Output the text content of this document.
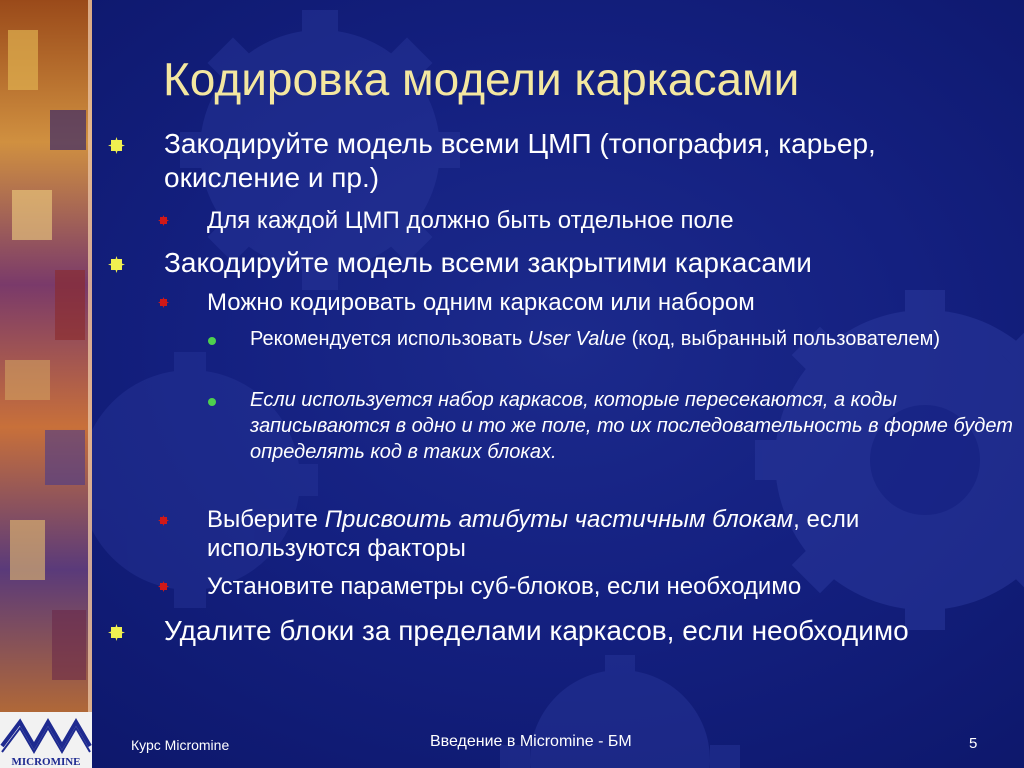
MICROMINE
Кодировка модели каркасами
Закодируйте модель всеми ЦМП (топография, карьер, окисление и пр.)
Для каждой ЦМП должно быть отдельное поле
Закодируйте модель всеми закрытими каркасами
Можно кодировать одним каркасом или набором
Рекомендуется использовать User Value (код, выбранный пользователем)
Если используется набор каркасов, которые пересекаются, а коды записываются в одно и то же поле, то их последовательность в форме будет определять код в таких блоках.
Выберите Присвоить атибуты частичным блокам, если используются факторы
Установите параметры суб-блоков, если необходимо
Удалите блоки за пределами каркасов, если необходимо
Курс Micromine	Введение в Micromine - БМ	5
